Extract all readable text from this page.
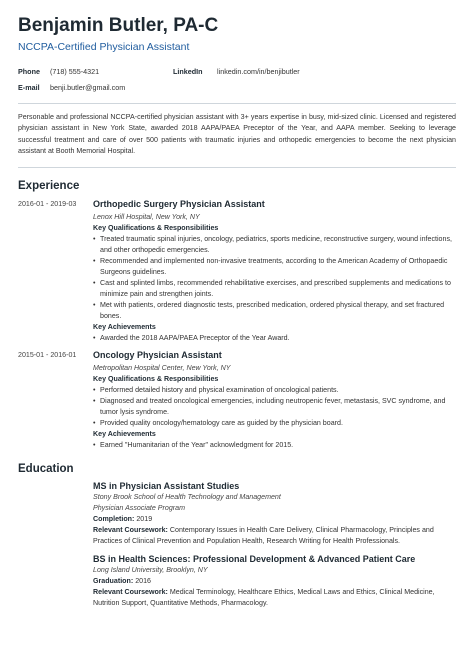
Benjamin Butler, PA-C
NCCPA-Certified Physician Assistant
Phone	(718) 555-4321	LinkedIn	linkedin.com/in/benjibutler
E-mail	benji.butler@gmail.com

Personable and professional NCCPA-certified physician assistant with 3+ years expertise in busy, mid-sized clinic. Licensed and registered physician assistant in New York State, awarded 2018 AAPA/PAEA Preceptor of the Year, and AAPA member. Seeking to leverage successful treatment and care of over 500 patients with traumatic injuries and orthopedic emergencies to become the next physician assistant at Booth Memorial Hospital.

Experience
2016-01 - 2019-03	Orthopedic Surgery Physician Assistant
Lenox Hill Hospital, New York, NY
Key Qualifications & Responsibilities
• Treated traumatic spinal injuries, oncology, pediatrics, sports medicine, reconstructive surgery, wound infections, and other orthopedic emergencies.
• Recommended and implemented non-invasive treatments, according to the American Academy of Orthopaedic Surgeons guidelines.
• Cast and splinted limbs, recommended rehabilitative exercises, and prescribed supplements and medications to minimize pain and strengthen joints.
• Met with patients, ordered diagnostic tests, prescribed medication, ordered physical therapy, and set fractured bones.
Key Achievements
• Awarded the 2018 AAPA/PAEA Preceptor of the Year Award.
2015-01 - 2016-01	Oncology Physician Assistant
Metropolitan Hospital Center, New York, NY
Key Qualifications & Responsibilities
• Performed detailed history and physical examination of oncological patients.
• Diagnosed and treated oncological emergencies, including neutropenic fever, metastasis, SVC syndrome, and tumor lysis syndrome.
• Provided quality oncology/hematology care as guided by the physician board.
Key Achievements
• Earned "Humanitarian of the Year" acknowledgment for 2015.
Education
MS in Physician Assistant Studies
Stony Brook School of Health Technology and Management
Physician Associate Program
Completion: 2019
Relevant Coursework: Contemporary Issues in Health Care Delivery, Clinical Pharmacology, Principles and Practices of Clinical Prevention and Population Health, Research Writing for Health Professionals.
BS in Health Sciences: Professional Development & Advanced Patient Care
Long Island University, Brooklyn, NY
Graduation: 2016
Relevant Coursework: Medical Terminology, Healthcare Ethics, Medical Laws and Ethics, Clinical Medicine, Nutrition Support, Quantitative Methods, Pharmacology.
